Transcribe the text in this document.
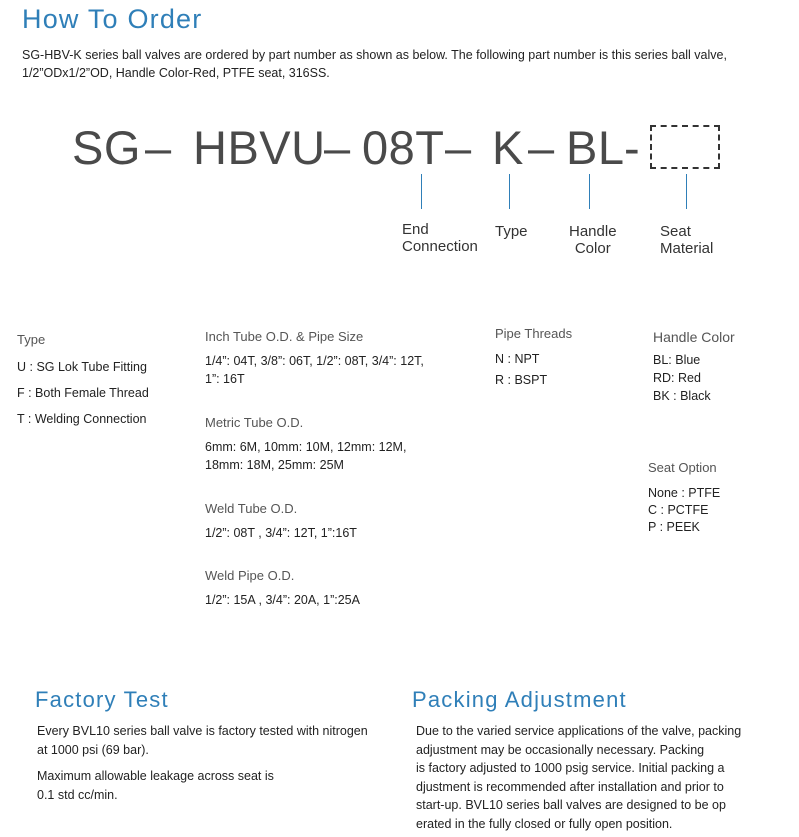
How To Order
SG-HBV-K series ball valves are ordered by part number as shown as below. The following part number is this series ball valve,
1/2”ODx1/2”OD, Handle Color-Red, PTFE seat, 316SS.
SG – HBVU
– 08T – K – BL -
End
Connection
Type	Handle
Color
Seat
Material
Type
U : SG Lok Tube Fitting
F : Both Female Thread
T : Welding Connection
Inch Tube O.D. & Pipe Size
1/4”: 04T, 3/8”: 06T, 1/2”: 08T, 3/4”: 12T,
1”: 16T
Metric Tube O.D.
6mm: 6M, 10mm: 10M, 12mm: 12M,
18mm: 18M, 25mm: 25M
Weld Tube O.D.
1/2”: 08T , 3/4”: 12T, 1”:16T
Weld Pipe O.D.
1/2”: 15A , 3/4”: 20A, 1”:25A
Pipe Threads
N : NPT
R : BSPT
Handle Color
BL: Blue
RD: Red
BK : Black
Seat Option
None : PTFE
C : PCTFE
P : PEEK
Factory Test
Every BVL10 series ball valve is factory tested with nitrogen
at 1000 psi (69 bar).
Maximum allowable leakage across seat is
0.1 std cc/min.
Packing Adjustment
Due to the varied service applications of the valve, packing
adjustment may be occasionally necessary. Packing
is factory adjusted to 1000 psig service. Initial packing a
djustment is recommended after installation and prior to
start-up. BVL10 series ball valves are designed to be op
erated in the fully closed or fully open position.
